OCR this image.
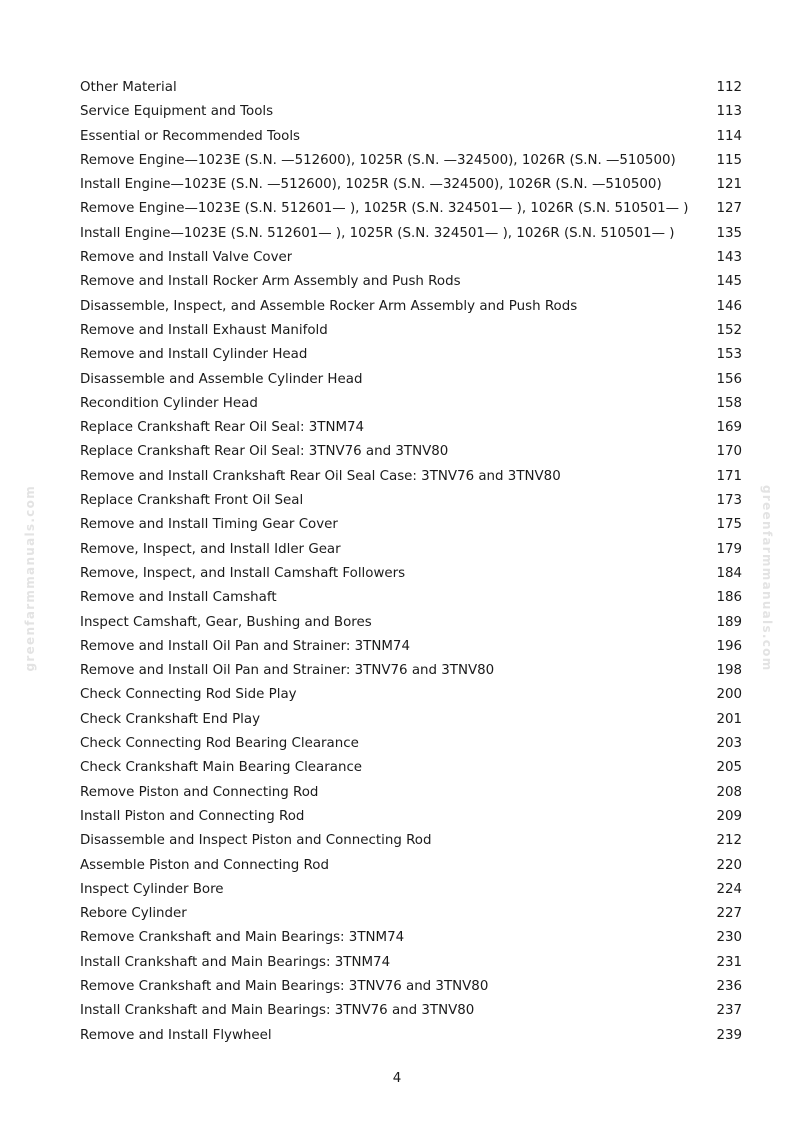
greenfarmmanuals.com	greenfarmmanuals.com
Other Material	112
Service Equipment and Tools	113
Essential or Recommended Tools	114
Remove Engine—1023E (S.N. —512600), 1025R (S.N. —324500), 1026R (S.N. —510500)	115
Install Engine—1023E (S.N. —512600), 1025R (S.N. —324500), 1026R (S.N. —510500)	121
Remove Engine—1023E (S.N. 512601— ), 1025R (S.N. 324501— ), 1026R (S.N. 510501— )	127
Install Engine—1023E (S.N. 512601— ), 1025R (S.N. 324501— ), 1026R (S.N. 510501— )	135
Remove and Install Valve Cover	143
Remove and Install Rocker Arm Assembly and Push Rods	145
Disassemble, Inspect, and Assemble Rocker Arm Assembly and Push Rods	146
Remove and Install Exhaust Manifold	152
Remove and Install Cylinder Head	153
Disassemble and Assemble Cylinder Head	156
Recondition Cylinder Head	158
Replace Crankshaft Rear Oil Seal: 3TNM74	169
Replace Crankshaft Rear Oil Seal: 3TNV76 and 3TNV80	170
Remove and Install Crankshaft Rear Oil Seal Case: 3TNV76 and 3TNV80	171
Replace Crankshaft Front Oil Seal	173
Remove and Install Timing Gear Cover	175
Remove, Inspect, and Install Idler Gear	179
Remove, Inspect, and Install Camshaft Followers	184
Remove and Install Camshaft	186
Inspect Camshaft, Gear, Bushing and Bores	189
Remove and Install Oil Pan and Strainer: 3TNM74	196
Remove and Install Oil Pan and Strainer: 3TNV76 and 3TNV80	198
Check Connecting Rod Side Play	200
Check Crankshaft End Play	201
Check Connecting Rod Bearing Clearance	203
Check Crankshaft Main Bearing Clearance	205
Remove Piston and Connecting Rod	208
Install Piston and Connecting Rod	209
Disassemble and Inspect Piston and Connecting Rod	212
Assemble Piston and Connecting Rod	220
Inspect Cylinder Bore	224
Rebore Cylinder	227
Remove Crankshaft and Main Bearings: 3TNM74	230
Install Crankshaft and Main Bearings: 3TNM74	231
Remove Crankshaft and Main Bearings: 3TNV76 and 3TNV80	236
Install Crankshaft and Main Bearings: 3TNV76 and 3TNV80	237
Remove and Install Flywheel	239
4
